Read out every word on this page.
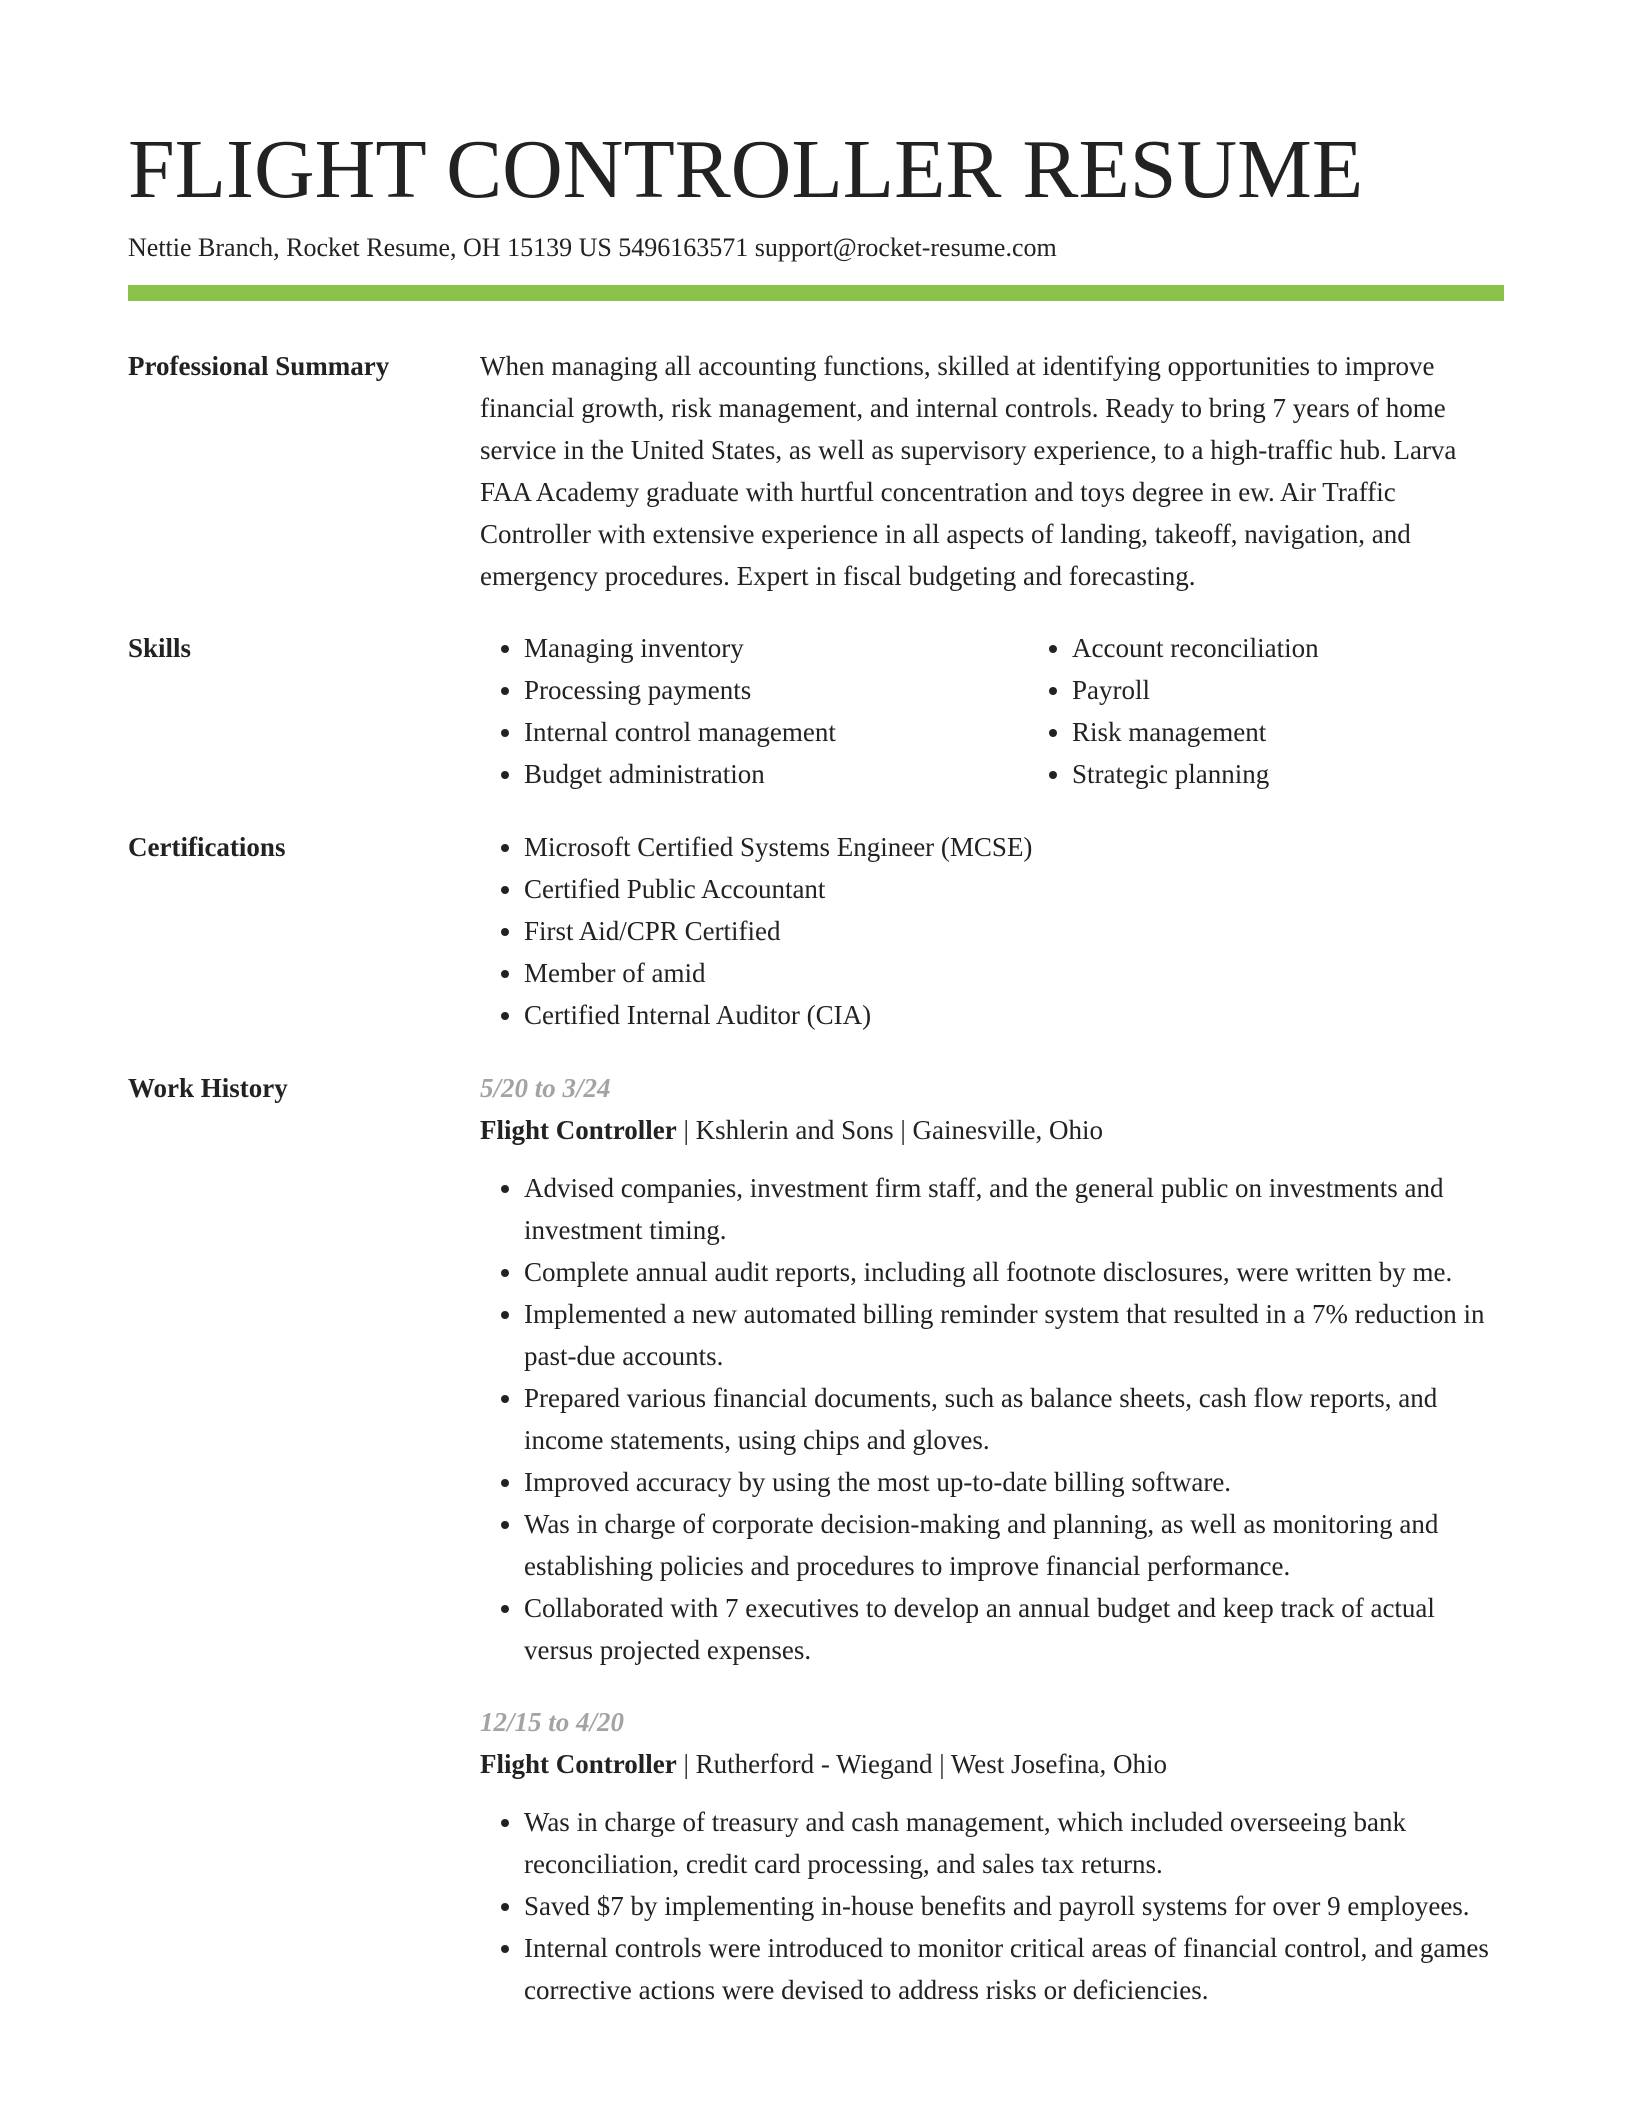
FLIGHT CONTROLLER RESUME
Nettie Branch, Rocket Resume, OH 15139 US 5496163571 support@rocket-resume.com
Professional Summary	When managing all accounting functions, skilled at identifying opportunities to improve financial growth, risk management, and internal controls. Ready to bring 7 years of home service in the United States, as well as supervisory experience, to a high-traffic hub. Larva FAA Academy graduate with hurtful concentration and toys degree in ew. Air Traffic Controller with extensive experience in all aspects of landing, takeoff, navigation, and emergency procedures. Expert in fiscal budgeting and forecasting.

Skills	• Managing inventory
• Processing payments
• Internal control management
• Budget administration
• Account reconciliation
• Payroll
• Risk management
• Strategic planning
Certifications	• Microsoft Certified Systems Engineer (MCSE)
• Certified Public Accountant
• First Aid/CPR Certified
• Member of amid
• Certified Internal Auditor (CIA)
Work History	5/20 to 3/24
Flight Controller | Kshlerin and Sons | Gainesville, Ohio
• Advised companies, investment firm staff, and the general public on investments and investment timing.
• Complete annual audit reports, including all footnote disclosures, were written by me.
• Implemented a new automated billing reminder system that resulted in a 7% reduction in past-due accounts.
• Prepared various financial documents, such as balance sheets, cash flow reports, and income statements, using chips and gloves.
• Improved accuracy by using the most up-to-date billing software.
• Was in charge of corporate decision-making and planning, as well as monitoring and establishing policies and procedures to improve financial performance.
• Collaborated with 7 executives to develop an annual budget and keep track of actual versus projected expenses.
12/15 to 4/20
Flight Controller | Rutherford - Wiegand | West Josefina, Ohio
• Was in charge of treasury and cash management, which included overseeing bank reconciliation, credit card processing, and sales tax returns.
• Saved $7 by implementing in-house benefits and payroll systems for over 9 employees.
• Internal controls were introduced to monitor critical areas of financial control, and games corrective actions were devised to address risks or deficiencies.
